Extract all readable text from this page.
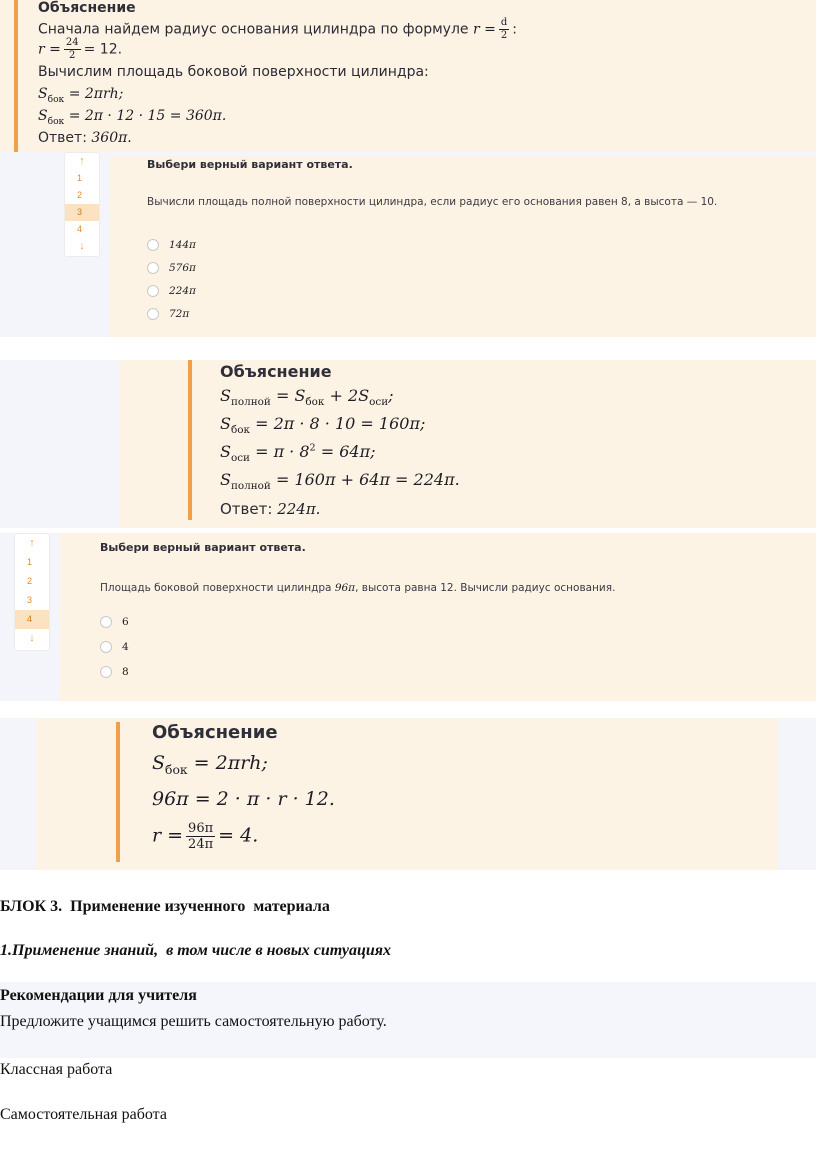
Объяснение
Сначала найдем радиус основания цилиндра по формуле $r = \frac{d}{2}$ :
$r = \frac{24}{2} = 12$.
Вычислим площадь боковой поверхности цилиндра:
$S_{бок} = 2\pi rh$;
$S_{бок} = 2\pi \cdot 12 \cdot 15 = 360\pi$.
Ответ: 360π.
↑
1
2
3
4
↓
Выбери верный вариант ответа.
Вычисли площадь полной поверхности цилиндра, если радиус его основания равен 8, а высота — 10.
144π
576π
224π
72π
Объяснение
$S_{полной} = S_{бок} + 2S_{оси}$;
$S_{бок} = 2\pi \cdot 8 \cdot 10 = 160\pi$;
$S_{оси} = \pi \cdot 8^2 = 64\pi$;
$S_{полной} = 160\pi + 64\pi = 224\pi$.
Ответ: 224π.
↑
1
2
3
4
↓
Выбери верный вариант ответа.
Площадь боковой поверхности цилиндра 96π, высота равна 12. Вычисли радиус основания.
6
4
8
Объяснение
$S_{бок} = 2\pi rh$;
96π = 2 · π · r · 12.
$r = \frac{96\pi}{24\pi} = 4$.
БЛОК 3.  Применение изученного  материала
1.Применение знаний,  в том числе в новых ситуациях
Рекомендации для учителя
Предложите учащимся решить самостоятельную работу.
Классная работа
Самостоятельная работа
